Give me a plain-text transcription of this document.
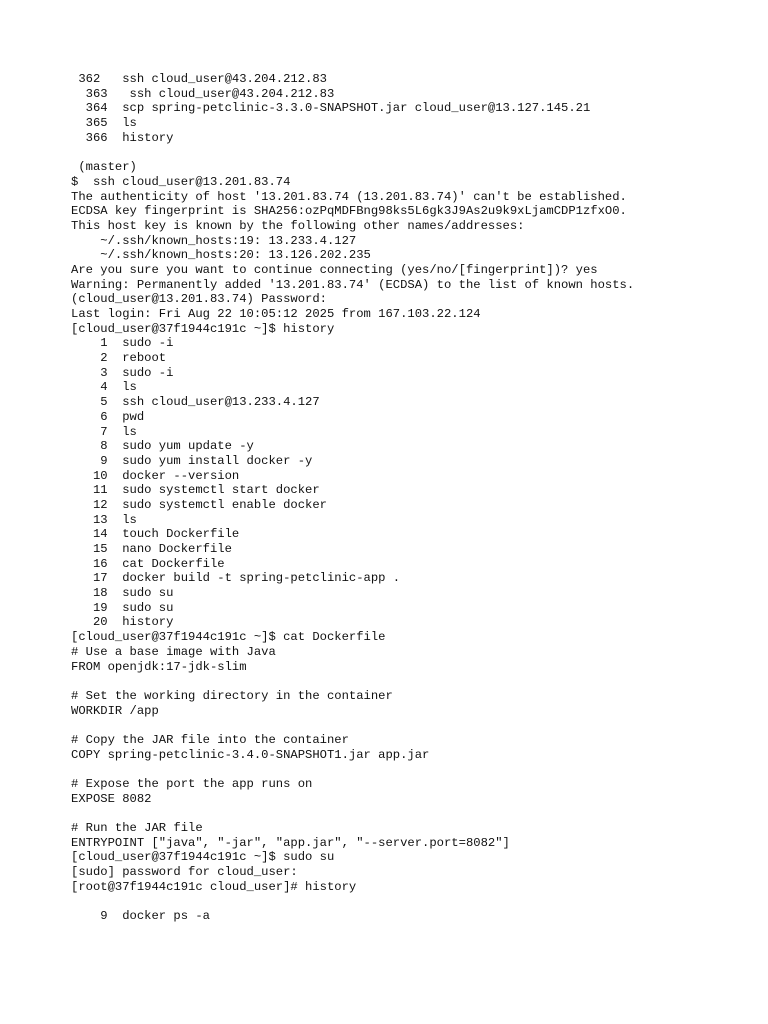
362   ssh cloud_user@43.204.212.83
363   ssh cloud_user@43.204.212.83
364  scp spring-petclinic-3.3.0-SNAPSHOT.jar cloud_user@13.127.145.21
365  ls
366  history
(master)
$  ssh cloud_user@13.201.83.74
The authenticity of host '13.201.83.74 (13.201.83.74)' can't be established.
ECDSA key fingerprint is SHA256:ozPqMDFBng98ks5L6gk3J9As2u9k9xLjamCDP1zfxO0.
This host key is known by the following other names/addresses:
~/.ssh/known_hosts:19: 13.233.4.127
~/.ssh/known_hosts:20: 13.126.202.235
Are you sure you want to continue connecting (yes/no/[fingerprint])? yes
Warning: Permanently added '13.201.83.74' (ECDSA) to the list of known hosts.
(cloud_user@13.201.83.74) Password:
Last login: Fri Aug 22 10:05:12 2025 from 167.103.22.124
[cloud_user@37f1944c191c ~]$ history
1  sudo -i
2  reboot
3  sudo -i
4  ls
5  ssh cloud_user@13.233.4.127
6  pwd
7  ls
8  sudo yum update -y
9  sudo yum install docker -y
10  docker --version
11  sudo systemctl start docker
12  sudo systemctl enable docker
13  ls
14  touch Dockerfile
15  nano Dockerfile
16  cat Dockerfile
17  docker build -t spring-petclinic-app .
18  sudo su
19  sudo su
20  history
[cloud_user@37f1944c191c ~]$ cat Dockerfile
# Use a base image with Java
FROM openjdk:17-jdk-slim
# Set the working directory in the container
WORKDIR /app
# Copy the JAR file into the container
COPY spring-petclinic-3.4.0-SNAPSHOT1.jar app.jar
# Expose the port the app runs on
EXPOSE 8082
# Run the JAR file
ENTRYPOINT ["java", "-jar", "app.jar", "--server.port=8082"]
[cloud_user@37f1944c191c ~]$ sudo su
[sudo] password for cloud_user:
[root@37f1944c191c cloud_user]# history
9  docker ps -a
